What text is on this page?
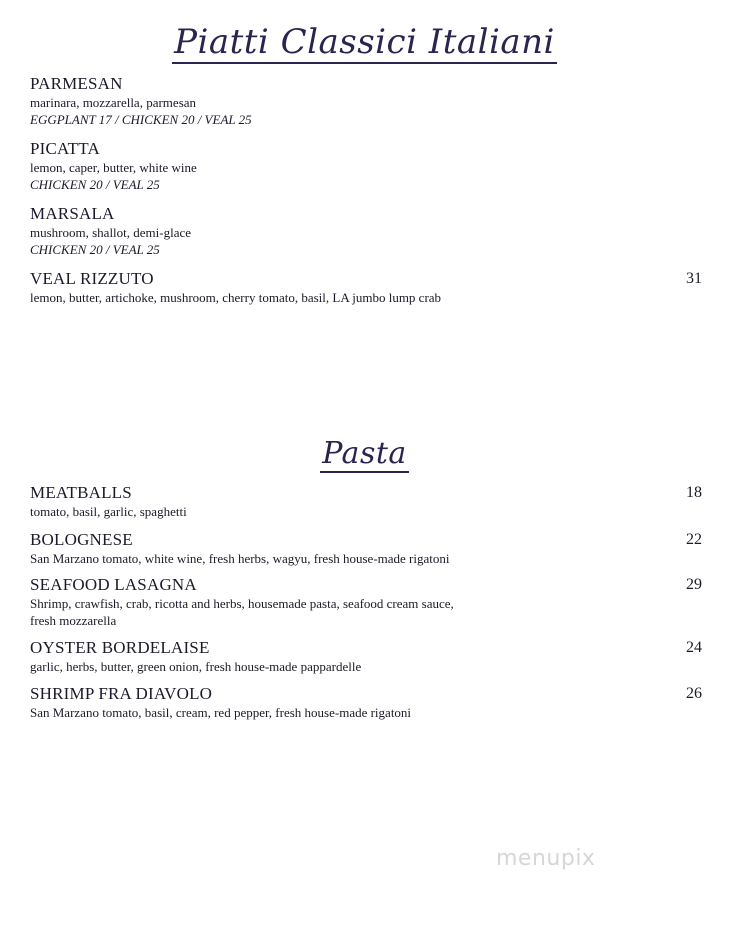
Piatti Classici Italiani
PARMESAN
marinara, mozzarella, parmesan
EGGPLANT 17 / CHICKEN 20 / VEAL 25
PICATTA
lemon, caper, butter, white wine
CHICKEN 20 / VEAL 25
MARSALA
mushroom, shallot, demi-glace
CHICKEN 20 / VEAL 25
VEAL RIZZUTO
lemon, butter, artichoke, mushroom, cherry tomato, basil, LA jumbo lump crab
31
Pasta
MEATBALLS
tomato, basil, garlic, spaghetti
18
BOLOGNESE
San Marzano tomato, white wine, fresh herbs, wagyu, fresh house-made rigatoni
22
SEAFOOD LASAGNA
Shrimp, crawfish, crab, ricotta and herbs, housemade pasta, seafood cream sauce,
fresh mozzarella
29
OYSTER BORDELAISE
garlic, herbs, butter, green onion, fresh house-made pappardelle
24
SHRIMP FRA DIAVOLO
San Marzano tomato, basil, cream, red pepper, fresh house-made rigatoni
26
menupix
